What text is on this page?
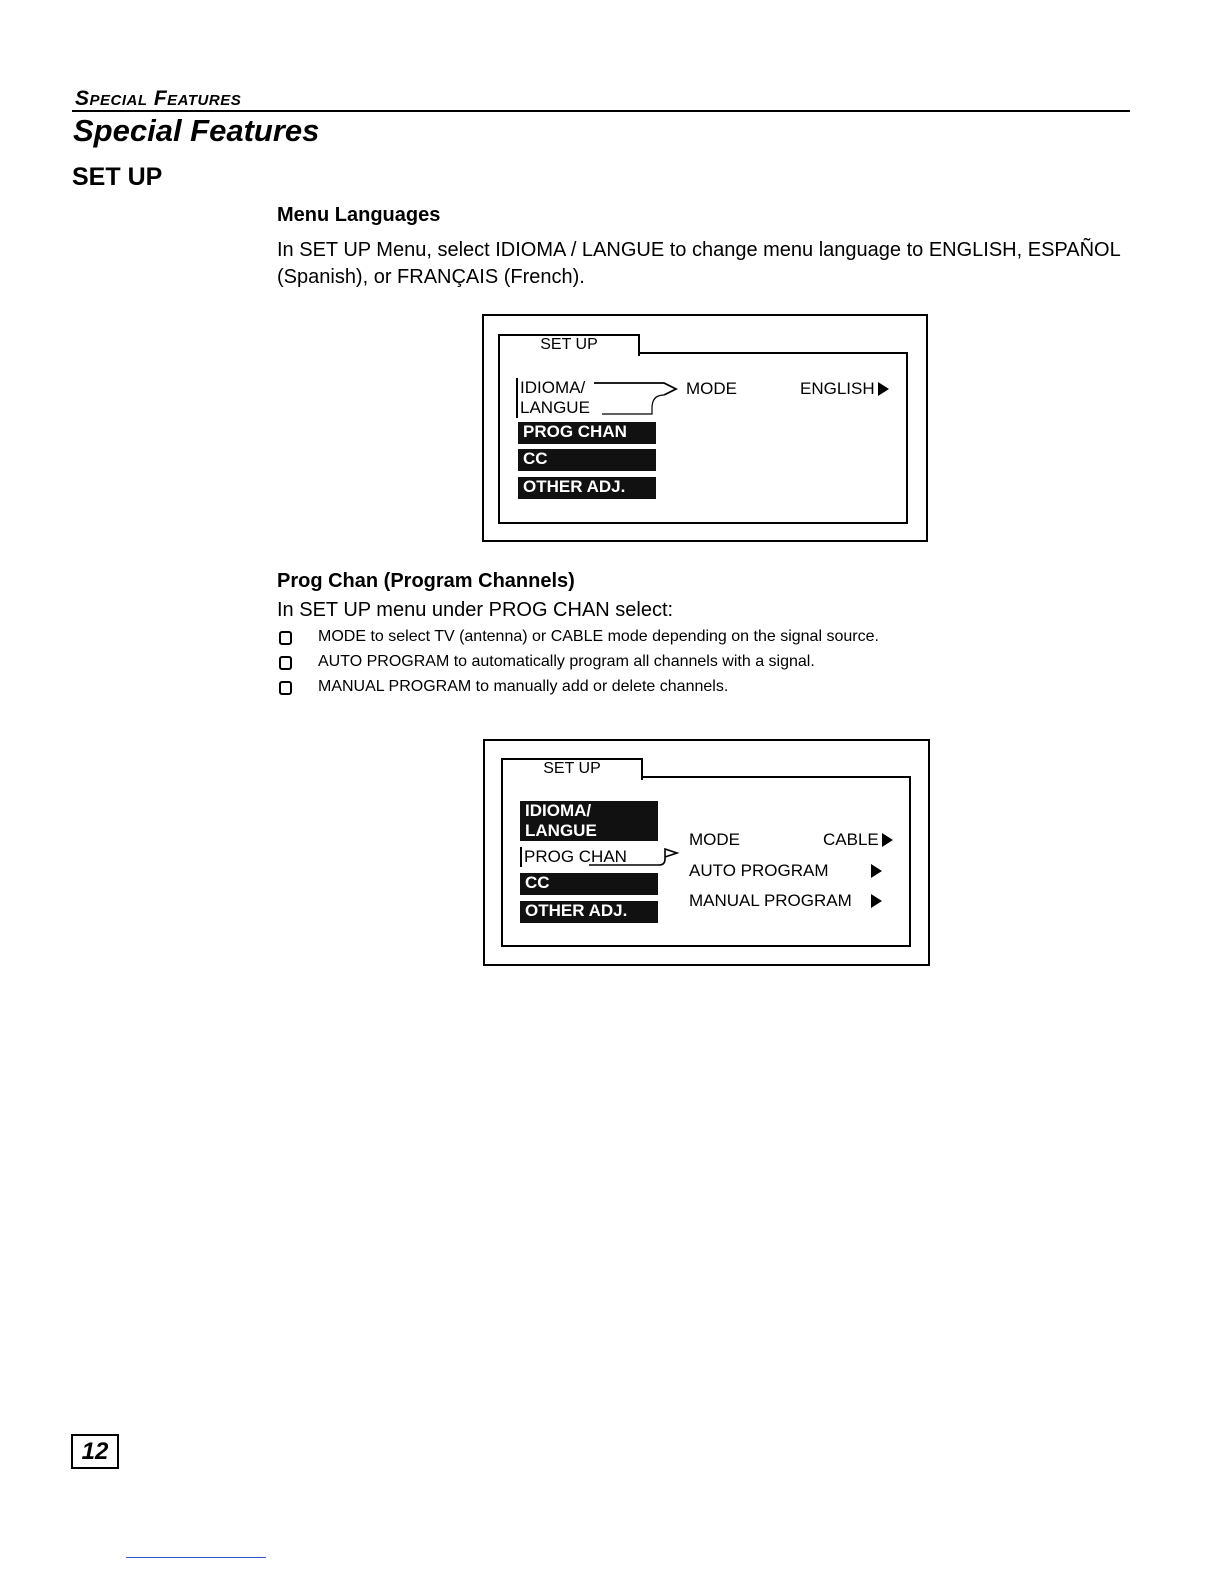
Special Features
Special Features
SET UP
Menu Languages
In SET UP Menu, select IDIOMA / LANGUE to change menu language to ENGLISH, ESPAÑOL (Spanish), or FRANÇAIS (French).
SET UP
IDIOMA/
LANGUE
PROG CHAN
CC
OTHER ADJ.
MODE	ENGLISH
Prog Chan (Program Channels)
In SET UP menu under PROG CHAN select:
MODE to select TV (antenna) or CABLE mode depending on the signal source.
AUTO PROGRAM to automatically program all channels with a signal.
MANUAL PROGRAM to manually add or delete channels.
SET UP
IDIOMA/
LANGUE
PROG CHAN
CC
OTHER ADJ.
MODE	CABLE
AUTO PROGRAM
MANUAL PROGRAM
12
